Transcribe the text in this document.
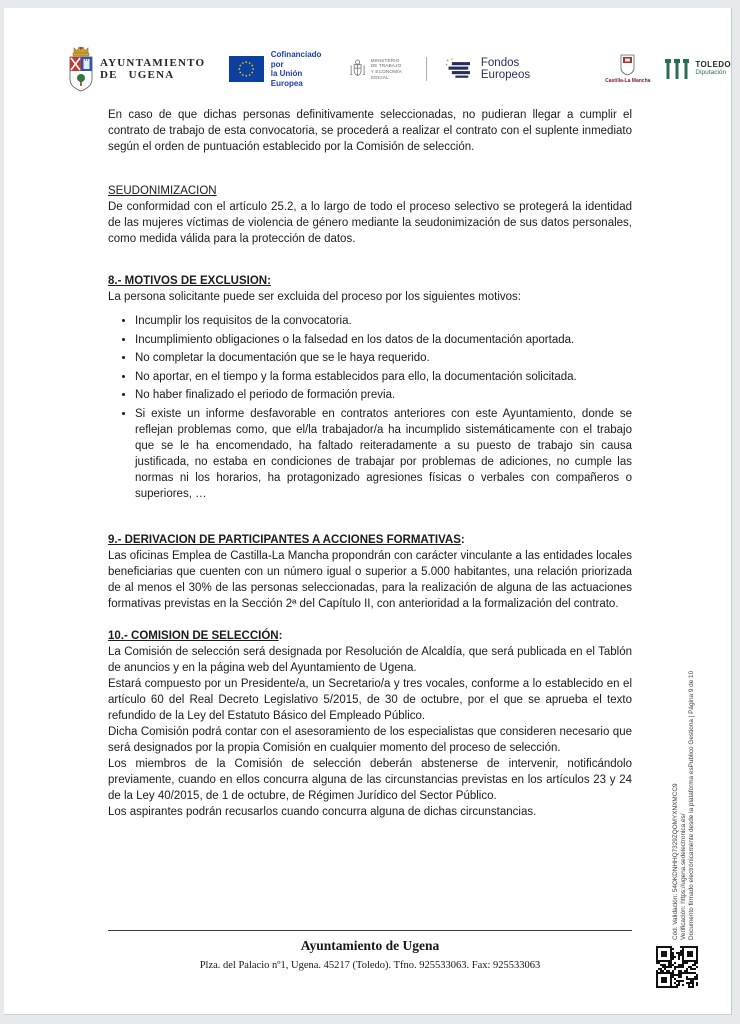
AYUNTAMIENTO
DE UGENA
Cofinanciado por
la Unión Europea
MINISTERIO
DE TRABAJO
Y ECONOMÍA SOCIAL
Fondos Europeos	Castilla-La Mancha
TOLEDO
Diputación

En caso de que dichas personas definitivamente seleccionadas, no pudieran llegar a cumplir el contrato de trabajo de esta convocatoria, se procederá a realizar el contrato con el suplente inmediato según el orden de puntuación establecido por la Comisión de selección.

SEUDONIMIZACION

De conformidad con el artículo 25.2, a lo largo de todo el proceso selectivo se protegerá la identidad de las mujeres víctimas de violencia de género mediante la seudonimización de sus datos personales, como medida válida para la protección de datos.

8.- MOTIVOS DE EXCLUSION:

La persona solicitante puede ser excluida del proceso por los siguientes motivos:

• Incumplir los requisitos de la convocatoria.
• Incumplimiento obligaciones o la falsedad en los datos de la documentación aportada.
• No completar la documentación que se le haya requerido.
• No aportar, en el tiempo y la forma establecidos para ello, la documentación solicitada.
• No haber finalizado el periodo de formación previa.
• Si existe un informe desfavorable en contratos anteriores con este Ayuntamiento, donde se reflejan problemas como, que el/la trabajador/a ha incumplido sistemáticamente con el trabajo que se le ha encomendado, ha faltado reiteradamente a su puesto de trabajo sin causa justificada, no estaba en condiciones de trabajar por problemas de adiciones, no cumple las normas ni los horarios, ha protagonizado agresiones físicas o verbales con compañeros o superiores, …
9.- DERIVACION DE PARTICIPANTES A ACCIONES FORMATIVAS:

Las oficinas Emplea de Castilla-La Mancha propondrán con carácter vinculante a las entidades locales beneficiarias que cuenten con un número igual o superior a 5.000 habitantes, una relación priorizada de al menos el 30% de las personas seleccionadas, para la realización de alguna de las actuaciones formativas previstas en la Sección 2ª del Capítulo II, con anterioridad a la formalización del contrato.

10.- COMISION DE SELECCIÓN:

La Comisión de selección será designada por Resolución de Alcaldía, que será publicada en el Tablón de anuncios y en la página web del Ayuntamiento de Ugena.

Estará compuesto por un Presidente/a, un Secretario/a y tres vocales, conforme a lo establecido en el artículo 60 del Real Decreto Legislativo 5/2015, de 30 de octubre, por el que se aprueba el texto refundido de la Ley del Estatuto Básico del Empleado Público.

Dicha Comisión podrá contar con el asesoramiento de los especialistas que consideren necesario que será designados por la propia Comisión en cualquier momento del proceso de selección.

Los miembros de la Comisión de selección deberán abstenerse de intervenir, notificándolo previamente, cuando en ellos concurra alguna de las circunstancias previstas en los artículos 23 y 24 de la Ley 40/2015, de 1 de octubre, de Régimen Jurídico del Sector Público.

Los aspirantes podrán recusarlos cuando concurra alguna de dichas circunstancias.

Ayuntamiento de Ugena
Plza. del Palacio nº1, Ugena. 45217 (Toledo). Tfno. 925533063. Fax: 925533063
Cód. Validación: 54OKDNHHQ7329ZQOMYXNXMCC9 Verificación: https://ugena.sedelectronica.es/ Documento firmado electrónicamente desde la plataforma esPublico Gestiona | Página 9 de 10
